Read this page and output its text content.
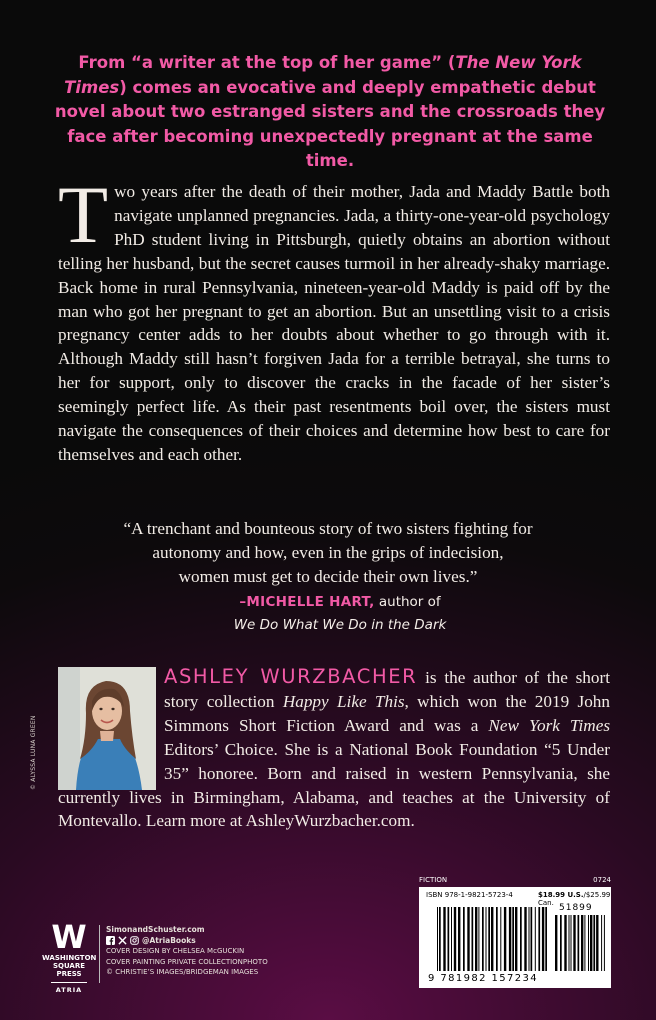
From “a writer at the top of her game” (The New York Times) comes an evocative and deeply empathetic debut novel about two estranged sisters and the crossroads they face after becoming unexpectedly pregnant at the same time.
Two years after the death of their mother, Jada and Maddy Battle both navigate unplanned pregnancies. Jada, a thirty-one-year-old psychology PhD student living in Pittsburgh, quietly obtains an abortion without telling her husband, but the secret causes turmoil in her already-shaky marriage. Back home in rural Pennsylvania, nineteen-year-old Maddy is paid off by the man who got her pregnant to get an abortion. But an unsettling visit to a crisis pregnancy center adds to her doubts about whether to go through with it. Although Maddy still hasn’t forgiven Jada for a terrible betrayal, she turns to her for support, only to discover the cracks in the facade of her sister’s seemingly perfect life. As their past resentments boil over, the sisters must navigate the consequences of their choices and determine how best to care for themselves and each other.
“A trenchant and bounteous story of two sisters fighting for
autonomy and how, even in the grips of indecision,
women must get to decide their own lives.”
–MICHELLE HART, author of
We Do What We Do in the Dark
© ALYSSA LUNA GREEN
ASHLEY WURZBACHER is the author of the short story collection Happy Like This, which won the 2019 John Simmons Short Fiction Award and was a New York Times Editors’ Choice. She is a National Book Foundation “5 Under 35” honoree. Born and raised in western Pennsylvania, she currently lives in Birmingham, Alabama, and teaches at the University of Montevallo. Learn more at AshleyWurzbacher.com.
W
WASHINGTON SQUARE PRESS
ATRIA
SimonandSchuster.com
@AtriaBooks
COVER DESIGN BY CHELSEA McGUCKIN
COVER PAINTING PRIVATE COLLECTIONPHOTO
© CHRISTIE’S IMAGES/BRIDGEMAN IMAGES
FICTION	0724
ISBN 978-1-9821-5723-4	$18.99 U.S./$25.99 Can. 51899
9 781982 157234
